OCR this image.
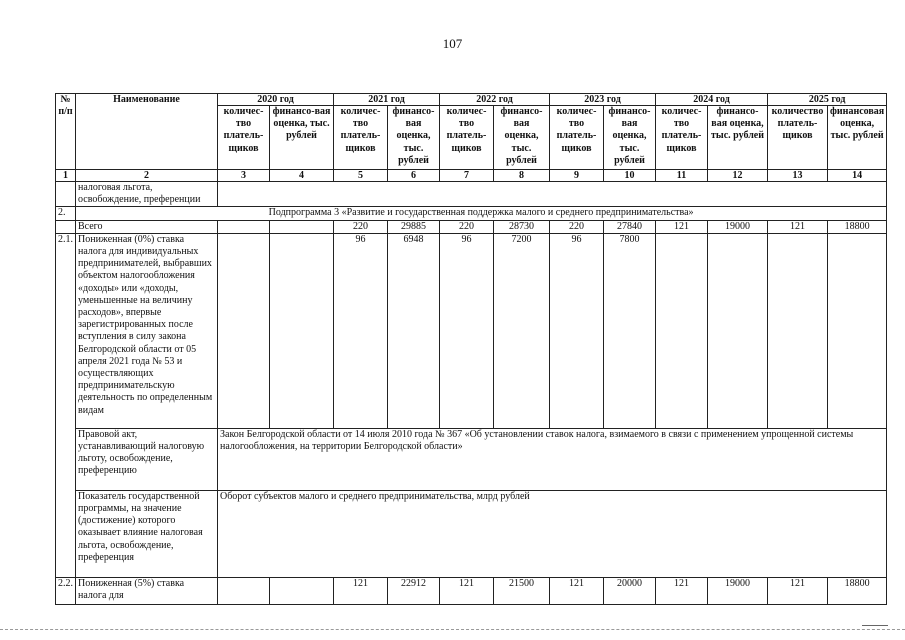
107
№ п/п	Наименование	2020 год		2021 год		2022 год		2023 год		2024 год		2025 год	
		количес-тво платель-щиков	финансо-вая оценка, тыс. рублей	количес-тво платель-щиков	финансо-вая оценка, тыс. рублей	количес-тво платель-щиков	финансо-вая оценка, тыс. рублей	количес-тво платель-щиков	финансо-вая оценка, тыс. рублей	количес-тво платель-щиков	финансо-вая оценка, тыс. рублей	количество платель-щиков	финансовая оценка, тыс. рублей
1	2	3	4	5	6	7	8	9	10	11	12	13	14
	налоговая льгота, освобождение, преференции												
2.	Подпрограмма 3 «Развитие и государственная поддержка малого и среднего предпринимательства»												
	Всего			220	29885	220	28730	220	27840	121	19000	121	18800
2.1.	Пониженная (0%) ставка налога для индивидуальных предпринимателей, выбравших объектом налогообложения «доходы» или «доходы, уменьшенные на величину расходов», впервые зарегистрированных после вступления в силу закона Белгородской области от 05 апреля 2021 года № 53 и осуществляющих предпринимательскую деятельность по определенным видам			96	6948	96	7200	96	7800				
	Правовой акт, устанавливающий налоговую льготу, освобождение, преференцию	Закон Белгородской области от 14 июля 2010 года № 367 «Об установлении ставок налога, взимаемого в связи с применением упрощенной системы налогообложения, на территории Белгородской области»											
	Показатель государственной программы, на значение (достижение) которого оказывает влияние налоговая льгота, освобождение, преференция	Оборот субъектов малого и среднего предпринимательства, млрд рублей											
2.2.	Пониженная (5%) ставка налога для			121	22912	121	21500	121	20000	121	19000	121	18800
